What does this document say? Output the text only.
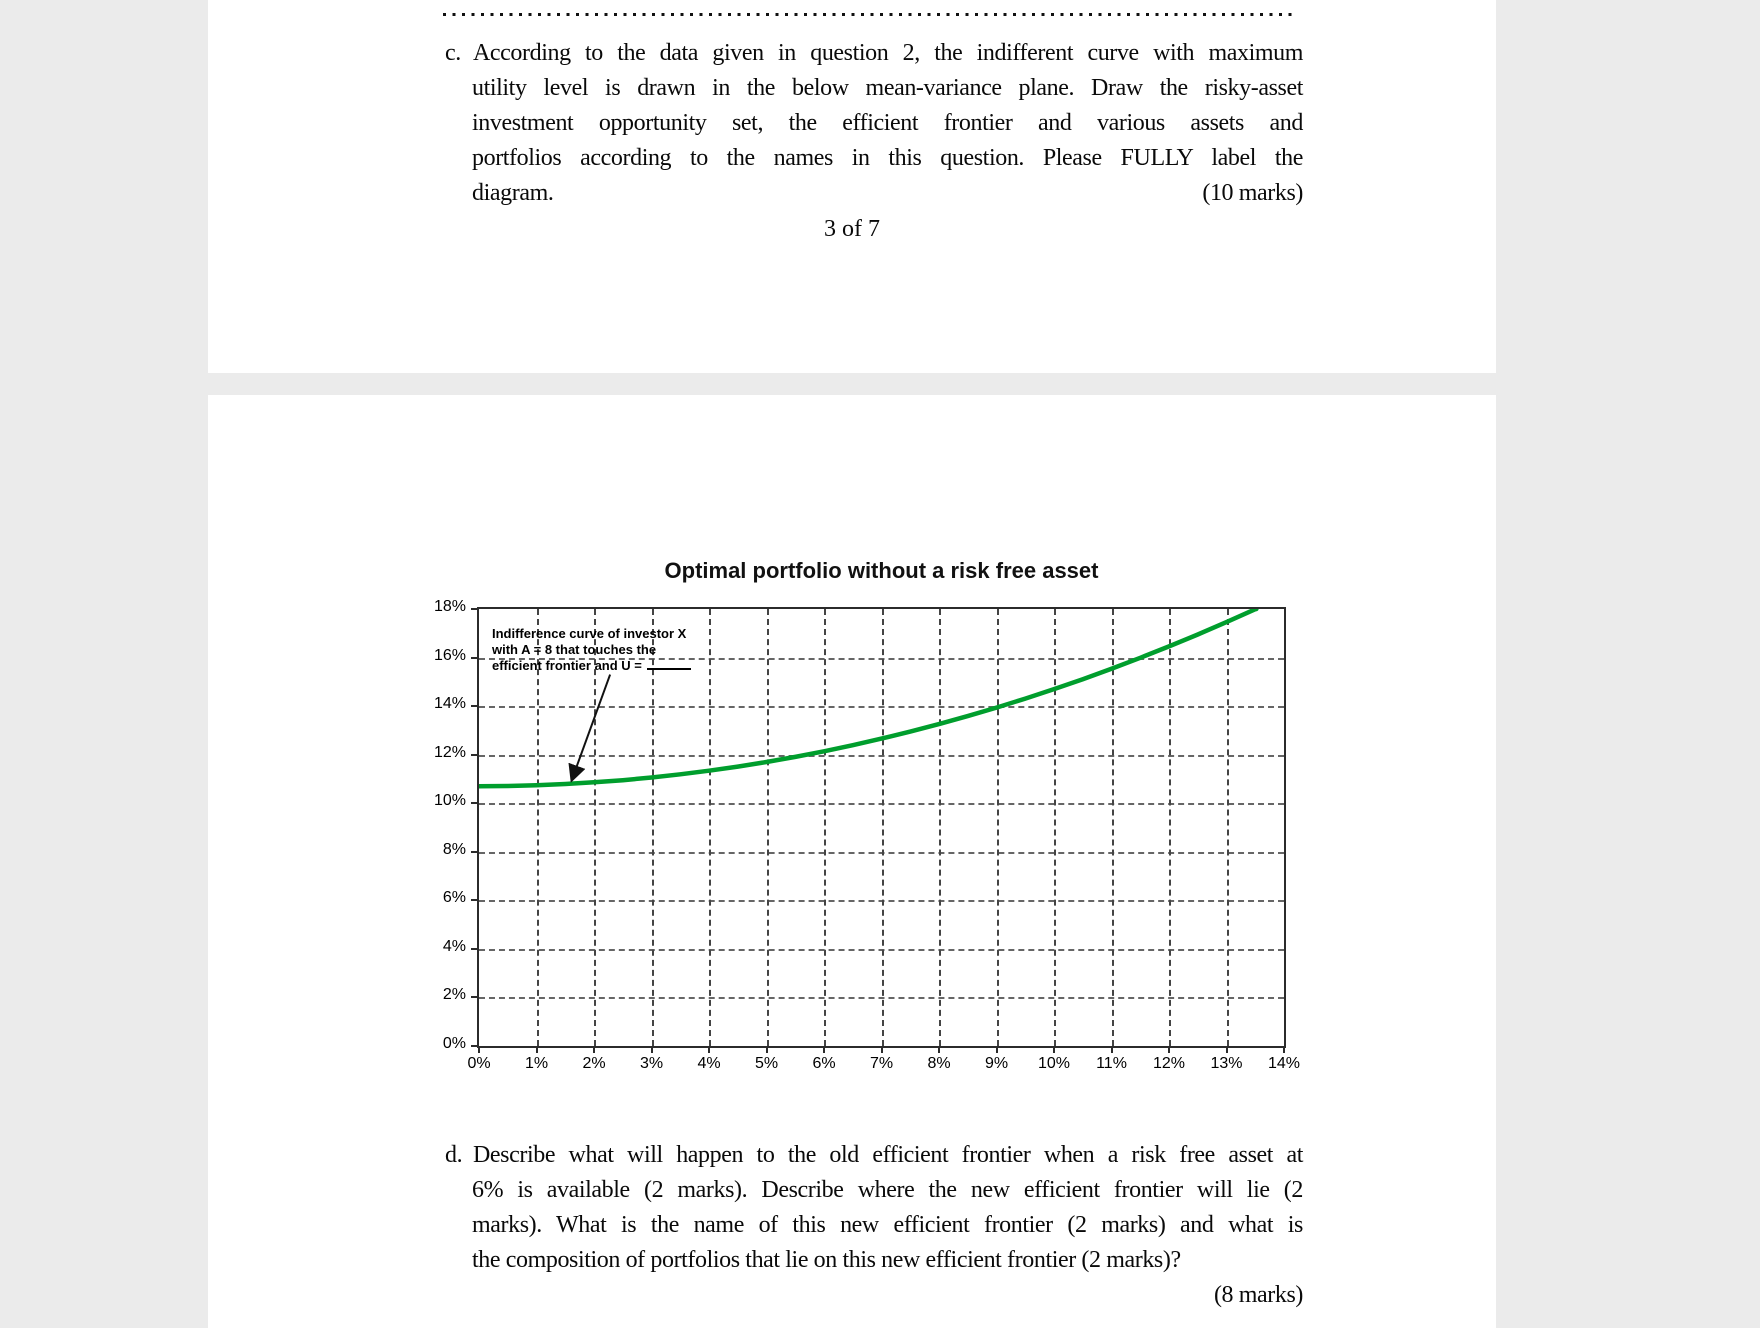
c. According to the data given in question 2, the indifferent curve with maximum
utility level is drawn in the below mean-variance plane. Draw the risky-asset
investment opportunity set, the efficient frontier and various assets and
portfolios according to the names in this question. Please FULLY label the
diagram.	(10 marks)
3 of 7
Optimal portfolio without a risk free asset
Indifference curve of investor X
with A = 8 that touches the
efficient frontier and U =
d. Describe what will happen to the old efficient frontier when a risk free asset at
6% is available (2 marks). Describe where the new efficient frontier will lie (2
marks). What is the name of this new efficient frontier (2 marks) and what is
the composition of portfolios that lie on this new efficient frontier (2 marks)?
(8 marks)
18%
16%
14%
12%
10%
8%
6%
4%
2%
0%
0%	1%	2%	3%	4%	5%	6%	7%	8%	9%	10%	11%	12%	13%	14%
